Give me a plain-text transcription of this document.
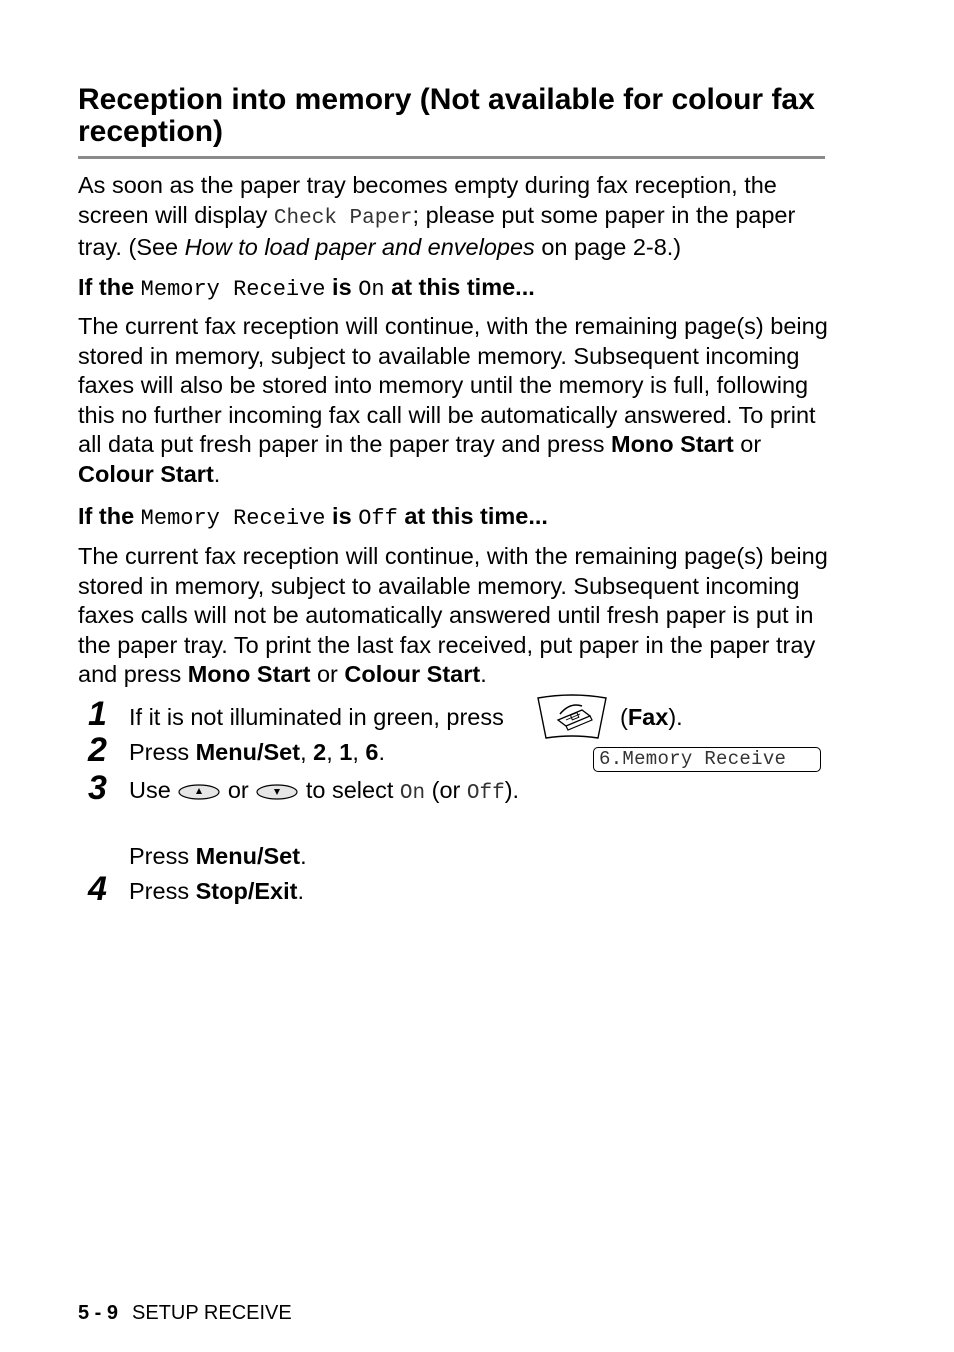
Reception into memory (Not available for colour fax reception)

As soon as the paper tray becomes empty during fax reception, the screen will display Check Paper; please put some paper in the paper tray. (See How to load paper and envelopes on page 2-8.)

If the Memory Receive is On at this time...

The current fax reception will continue, with the remaining page(s) being stored in memory, subject to available memory. Subsequent incoming faxes will also be stored into memory until the memory is full, following this no further incoming fax call will be automatically answered. To print all data put fresh paper in the paper tray and press Mono Start or Colour Start.

If the Memory Receive is Off at this time...

The current fax reception will continue, with the remaining page(s) being stored in memory, subject to available memory. Subsequent incoming faxes calls will not be automatically answered until fresh paper is put in the paper tray. To print the last fax received, put paper in the paper tray and press Mono Start or Colour Start.

1 If it is not illuminated in green, press	(Fax).
2 Press Menu/Set, 2, 1, 6.	6.Memory Receive
3 Use  or  to select On (or Off).
Press Menu/Set.
4 Press Stop/Exit.
5 - 9 SETUP RECEIVE
